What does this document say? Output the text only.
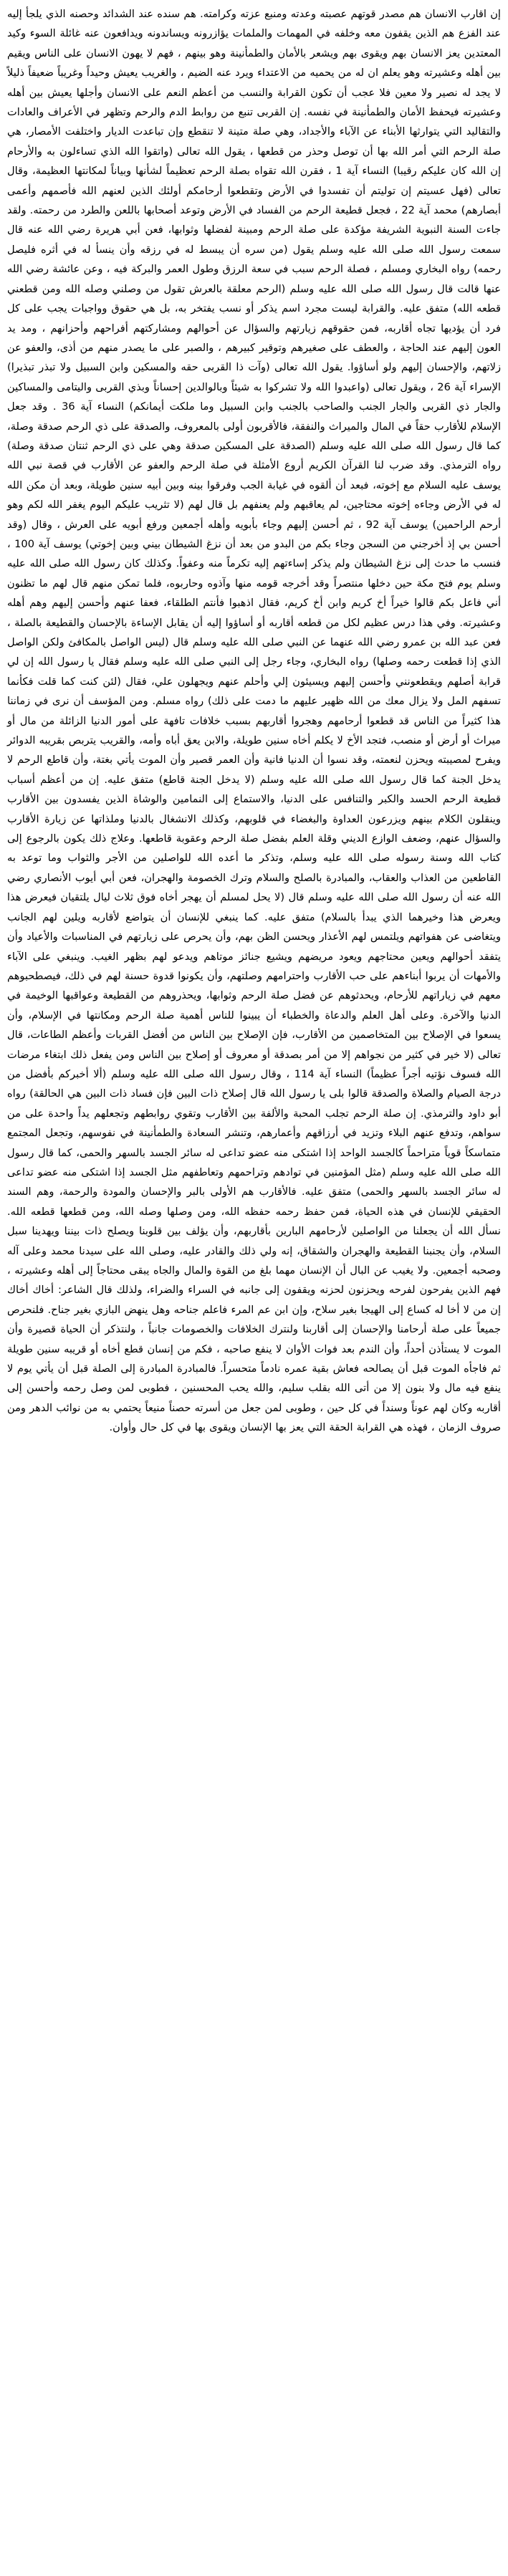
إن اقارب الانسان هم مصدر قوتهم عصبته وعدته ومنبع عزته وكرامته. هم سنده عند الشدائد وحصنه الذي يلجأ إليه عند الفزع هم الذين يقفون معه وخلفه في المهمات والملمات يؤازرونه ويساندونه ويدافعون عنه غائلة السوء وكيد المعتدين يعز الانسان بهم ويقوى بهم ويشعر بالأمان والطمأنينة وهو بينهم ، فهم لا يهون الانسان على الناس ويقيم بين أهله وعشيرته وهو يعلم ان له من يحميه من الاعتداء ويرد عنه الضيم ، والغريب يعيش وحيداً وغريباً ضعيفاً ذليلاً لا يجد له نصير ولا معين فلا عجب أن تكون القرابة والنسب من أعظم النعم على الانسان وأجلها يعيش بين أهله وعشيرته فيحفظ الأمان والطمأنينة في نفسه. إن القربى تنبع من روابط الدم والرحم وتظهر في الأعراف والعادات والتقاليد التي يتوارثها الأبناء عن الآباء والأجداد، وهي صلة متينة لا تنقطع وإن تباعدت الديار واختلفت الأمصار، هي صلة الرحم التي أمر الله بها أن توصل وحذر من قطعها ، يقول الله تعالى (واتقوا الله الذي تساءلون به والأرحام إن الله كان عليكم رقيبا) النساء آية 1 ، فقرن الله تقواه بصلة الرحم تعظيماً لشأنها وبياناً لمكانتها العظيمة، وقال تعالى (فهل عسيتم إن توليتم أن تفسدوا في الأرض وتقطعوا أرحامكم أولئك الذين لعنهم الله فأصمهم وأعمى أبصارهم) محمد آية 22 ، فجعل قطيعة الرحم من الفساد في الأرض وتوعد أصحابها باللعن والطرد من رحمته. ولقد جاءت السنة النبوية الشريفة مؤكدة على صلة الرحم ومبينة لفضلها وثوابها، فعن أبي هريرة رضي الله عنه قال سمعت رسول الله صلى الله عليه وسلم يقول (من سره أن يبسط له في رزقه وأن ينسأ له في أثره فليصل رحمه) رواه البخاري ومسلم ، فصلة الرحم سبب في سعة الرزق وطول العمر والبركة فيه ، وعن عائشة رضي الله عنها قالت قال رسول الله صلى الله عليه وسلم (الرحم معلقة بالعرش تقول من وصلني وصله الله ومن قطعني قطعه الله) متفق عليه. والقرابة ليست مجرد اسم يذكر أو نسب يفتخر به، بل هي حقوق وواجبات يجب على كل فرد أن يؤديها تجاه أقاربه، فمن حقوقهم زيارتهم والسؤال عن أحوالهم ومشاركتهم أفراحهم وأحزانهم ، ومد يد العون إليهم عند الحاجة ، والعطف على صغيرهم وتوقير كبيرهم ، والصبر على ما يصدر منهم من أذى، والعفو عن زلاتهم، والإحسان إليهم ولو أساؤوا. يقول الله تعالى (وآت ذا القربى حقه والمسكين وابن السبيل ولا تبذر تبذيرا) الإسراء آية 26 ، ويقول تعالى (واعبدوا الله ولا تشركوا به شيئاً وبالوالدين إحساناً وبذي القربى واليتامى والمساكين والجار ذي القربى والجار الجنب والصاحب بالجنب وابن السبيل وما ملكت أيمانكم) النساء آية 36 . وقد جعل الإسلام للأقارب حقاً في المال والميراث والنفقة، فالأقربون أولى بالمعروف، والصدقة على ذي الرحم صدقة وصلة، كما قال رسول الله صلى الله عليه وسلم (الصدقة على المسكين صدقة وهي على ذي الرحم ثنتان صدقة وصلة) رواه الترمذي. وقد ضرب لنا القرآن الكريم أروع الأمثلة في صلة الرحم والعفو عن الأقارب في قصة نبي الله يوسف عليه السلام مع إخوته، فبعد أن ألقوه في غيابة الجب وفرقوا بينه وبين أبيه سنين طويلة، وبعد أن مكن الله له في الأرض وجاءه إخوته محتاجين، لم يعاقبهم ولم يعنفهم بل قال لهم (لا تثريب عليكم اليوم يغفر الله لكم وهو أرحم الراحمين) يوسف آية 92 ، ثم أحسن إليهم وجاء بأبويه وأهله أجمعين ورفع أبويه على العرش ، وقال (وقد أحسن بي إذ أخرجني من السجن وجاء بكم من البدو من بعد أن نزغ الشيطان بيني وبين إخوتي) يوسف آية 100 ، فنسب ما حدث إلى نزغ الشيطان ولم يذكر إساءتهم إليه تكرماً منه وعفواً. وكذلك كان رسول الله صلى الله عليه وسلم يوم فتح مكة حين دخلها منتصراً وقد أخرجه قومه منها وآذوه وحاربوه، فلما تمكن منهم قال لهم ما تظنون أني فاعل بكم قالوا خيراً أخ كريم وابن أخ كريم، فقال اذهبوا فأنتم الطلقاء، فعفا عنهم وأحسن إليهم وهم أهله وعشيرته. وفي هذا درس عظيم لكل من قطعه أقاربه أو أساؤوا إليه أن يقابل الإساءة بالإحسان والقطيعة بالصلة ، فعن عبد الله بن عمرو رضي الله عنهما عن النبي صلى الله عليه وسلم قال (ليس الواصل بالمكافئ ولكن الواصل الذي إذا قطعت رحمه وصلها) رواه البخاري، وجاء رجل إلى النبي صلى الله عليه وسلم فقال يا رسول الله إن لي قرابة أصلهم ويقطعونني وأحسن إليهم ويسيئون إلي وأحلم عنهم ويجهلون علي، فقال (لئن كنت كما قلت فكأنما تسفهم المل ولا يزال معك من الله ظهير عليهم ما دمت على ذلك) رواه مسلم. ومن المؤسف أن نرى في زماننا هذا كثيراً من الناس قد قطعوا أرحامهم وهجروا أقاربهم بسبب خلافات تافهة على أمور الدنيا الزائلة من مال أو ميراث أو أرض أو منصب، فتجد الأخ لا يكلم أخاه سنين طويلة، والابن يعق أباه وأمه، والقريب يتربص بقريبه الدوائر ويفرح لمصيبته ويحزن لنعمته، وقد نسوا أن الدنيا فانية وأن العمر قصير وأن الموت يأتي بغتة، وأن قاطع الرحم لا يدخل الجنة كما قال رسول الله صلى الله عليه وسلم (لا يدخل الجنة قاطع) متفق عليه. إن من أعظم أسباب قطيعة الرحم الحسد والكبر والتنافس على الدنيا، والاستماع إلى النمامين والوشاة الذين يفسدون بين الأقارب وينقلون الكلام بينهم ويزرعون العداوة والبغضاء في قلوبهم، وكذلك الانشغال بالدنيا وملذاتها عن زيارة الأقارب والسؤال عنهم، وضعف الوازع الديني وقلة العلم بفضل صلة الرحم وعقوبة قاطعها. وعلاج ذلك يكون بالرجوع إلى كتاب الله وسنة رسوله صلى الله عليه وسلم، وتذكر ما أعده الله للواصلين من الأجر والثواب وما توعد به القاطعين من العذاب والعقاب، والمبادرة بالصلح والسلام وترك الخصومة والهجران، فعن أبي أيوب الأنصاري رضي الله عنه أن رسول الله صلى الله عليه وسلم قال (لا يحل لمسلم أن يهجر أخاه فوق ثلاث ليال يلتقيان فيعرض هذا ويعرض هذا وخيرهما الذي يبدأ بالسلام) متفق عليه. كما ينبغي للإنسان أن يتواضع لأقاربه ويلين لهم الجانب ويتغاضى عن هفواتهم ويلتمس لهم الأعذار ويحسن الظن بهم، وأن يحرص على زيارتهم في المناسبات والأعياد وأن يتفقد أحوالهم ويعين محتاجهم ويعود مريضهم ويشيع جنائز موتاهم ويدعو لهم بظهر الغيب. وينبغي على الآباء والأمهات أن يربوا أبناءهم على حب الأقارب واحترامهم وصلتهم، وأن يكونوا قدوة حسنة لهم في ذلك، فيصطحبوهم معهم في زياراتهم للأرحام، ويحدثوهم عن فضل صلة الرحم وثوابها، ويحذروهم من القطيعة وعواقبها الوخيمة في الدنيا والآخرة. وعلى أهل العلم والدعاة والخطباء أن يبينوا للناس أهمية صلة الرحم ومكانتها في الإسلام، وأن يسعوا في الإصلاح بين المتخاصمين من الأقارب، فإن الإصلاح بين الناس من أفضل القربات وأعظم الطاعات، قال تعالى (لا خير في كثير من نجواهم إلا من أمر بصدقة أو معروف أو إصلاح بين الناس ومن يفعل ذلك ابتغاء مرضات الله فسوف نؤتيه أجراً عظيماً) النساء آية 114 ، وقال رسول الله صلى الله عليه وسلم (ألا أخبركم بأفضل من درجة الصيام والصلاة والصدقة قالوا بلى يا رسول الله قال إصلاح ذات البين فإن فساد ذات البين هي الحالقة) رواه أبو داود والترمذي. إن صلة الرحم تجلب المحبة والألفة بين الأقارب وتقوي روابطهم وتجعلهم يداً واحدة على من سواهم، وتدفع عنهم البلاء وتزيد في أرزاقهم وأعمارهم، وتنشر السعادة والطمأنينة في نفوسهم، وتجعل المجتمع متماسكاً قوياً متراحماً كالجسد الواحد إذا اشتكى منه عضو تداعى له سائر الجسد بالسهر والحمى، كما قال رسول الله صلى الله عليه وسلم (مثل المؤمنين في توادهم وتراحمهم وتعاطفهم مثل الجسد إذا اشتكى منه عضو تداعى له سائر الجسد بالسهر والحمى) متفق عليه. فالأقارب هم الأولى بالبر والإحسان والمودة والرحمة، وهم السند الحقيقي للإنسان في هذه الحياة، فمن حفظ رحمه حفظه الله، ومن وصلها وصله الله، ومن قطعها قطعه الله. نسأل الله أن يجعلنا من الواصلين لأرحامهم البارين بأقاربهم، وأن يؤلف بين قلوبنا ويصلح ذات بيننا ويهدينا سبل السلام، وأن يجنبنا القطيعة والهجران والشقاق، إنه ولي ذلك والقادر عليه، وصلى الله على سيدنا محمد وعلى آله وصحبه أجمعين. ولا يغيب عن البال أن الإنسان مهما بلغ من القوة والمال والجاه يبقى محتاجاً إلى أهله وعشيرته ، فهم الذين يفرحون لفرحه ويحزنون لحزنه ويقفون إلى جانبه في السراء والضراء، ولذلك قال الشاعر: أخاك أخاك إن من لا أخا له كساع إلى الهيجا بغير سلاح، وإن ابن عم المرء فاعلم جناحه وهل ينهض البازي بغير جناح. فلنحرص جميعاً على صلة أرحامنا والإحسان إلى أقاربنا ولنترك الخلافات والخصومات جانباً ، ولنتذكر أن الحياة قصيرة وأن الموت لا يستأذن أحداً، وأن الندم بعد فوات الأوان لا ينفع صاحبه ، فكم من إنسان قطع أخاه أو قريبه سنين طويلة ثم فاجأه الموت قبل أن يصالحه فعاش بقية عمره نادماً متحسراً. فالمبادرة المبادرة إلى الصلة قبل أن يأتي يوم لا ينفع فيه مال ولا بنون إلا من أتى الله بقلب سليم، والله يحب المحسنين ، فطوبى لمن وصل رحمه وأحسن إلى أقاربه وكان لهم عوناً وسنداً في كل حين ، وطوبى لمن جعل من أسرته حصناً منيعاً يحتمي به من نوائب الدهر ومن صروف الزمان ، فهذه هي القرابة الحقة التي يعز بها الإنسان ويقوى بها في كل حال وأوان.
